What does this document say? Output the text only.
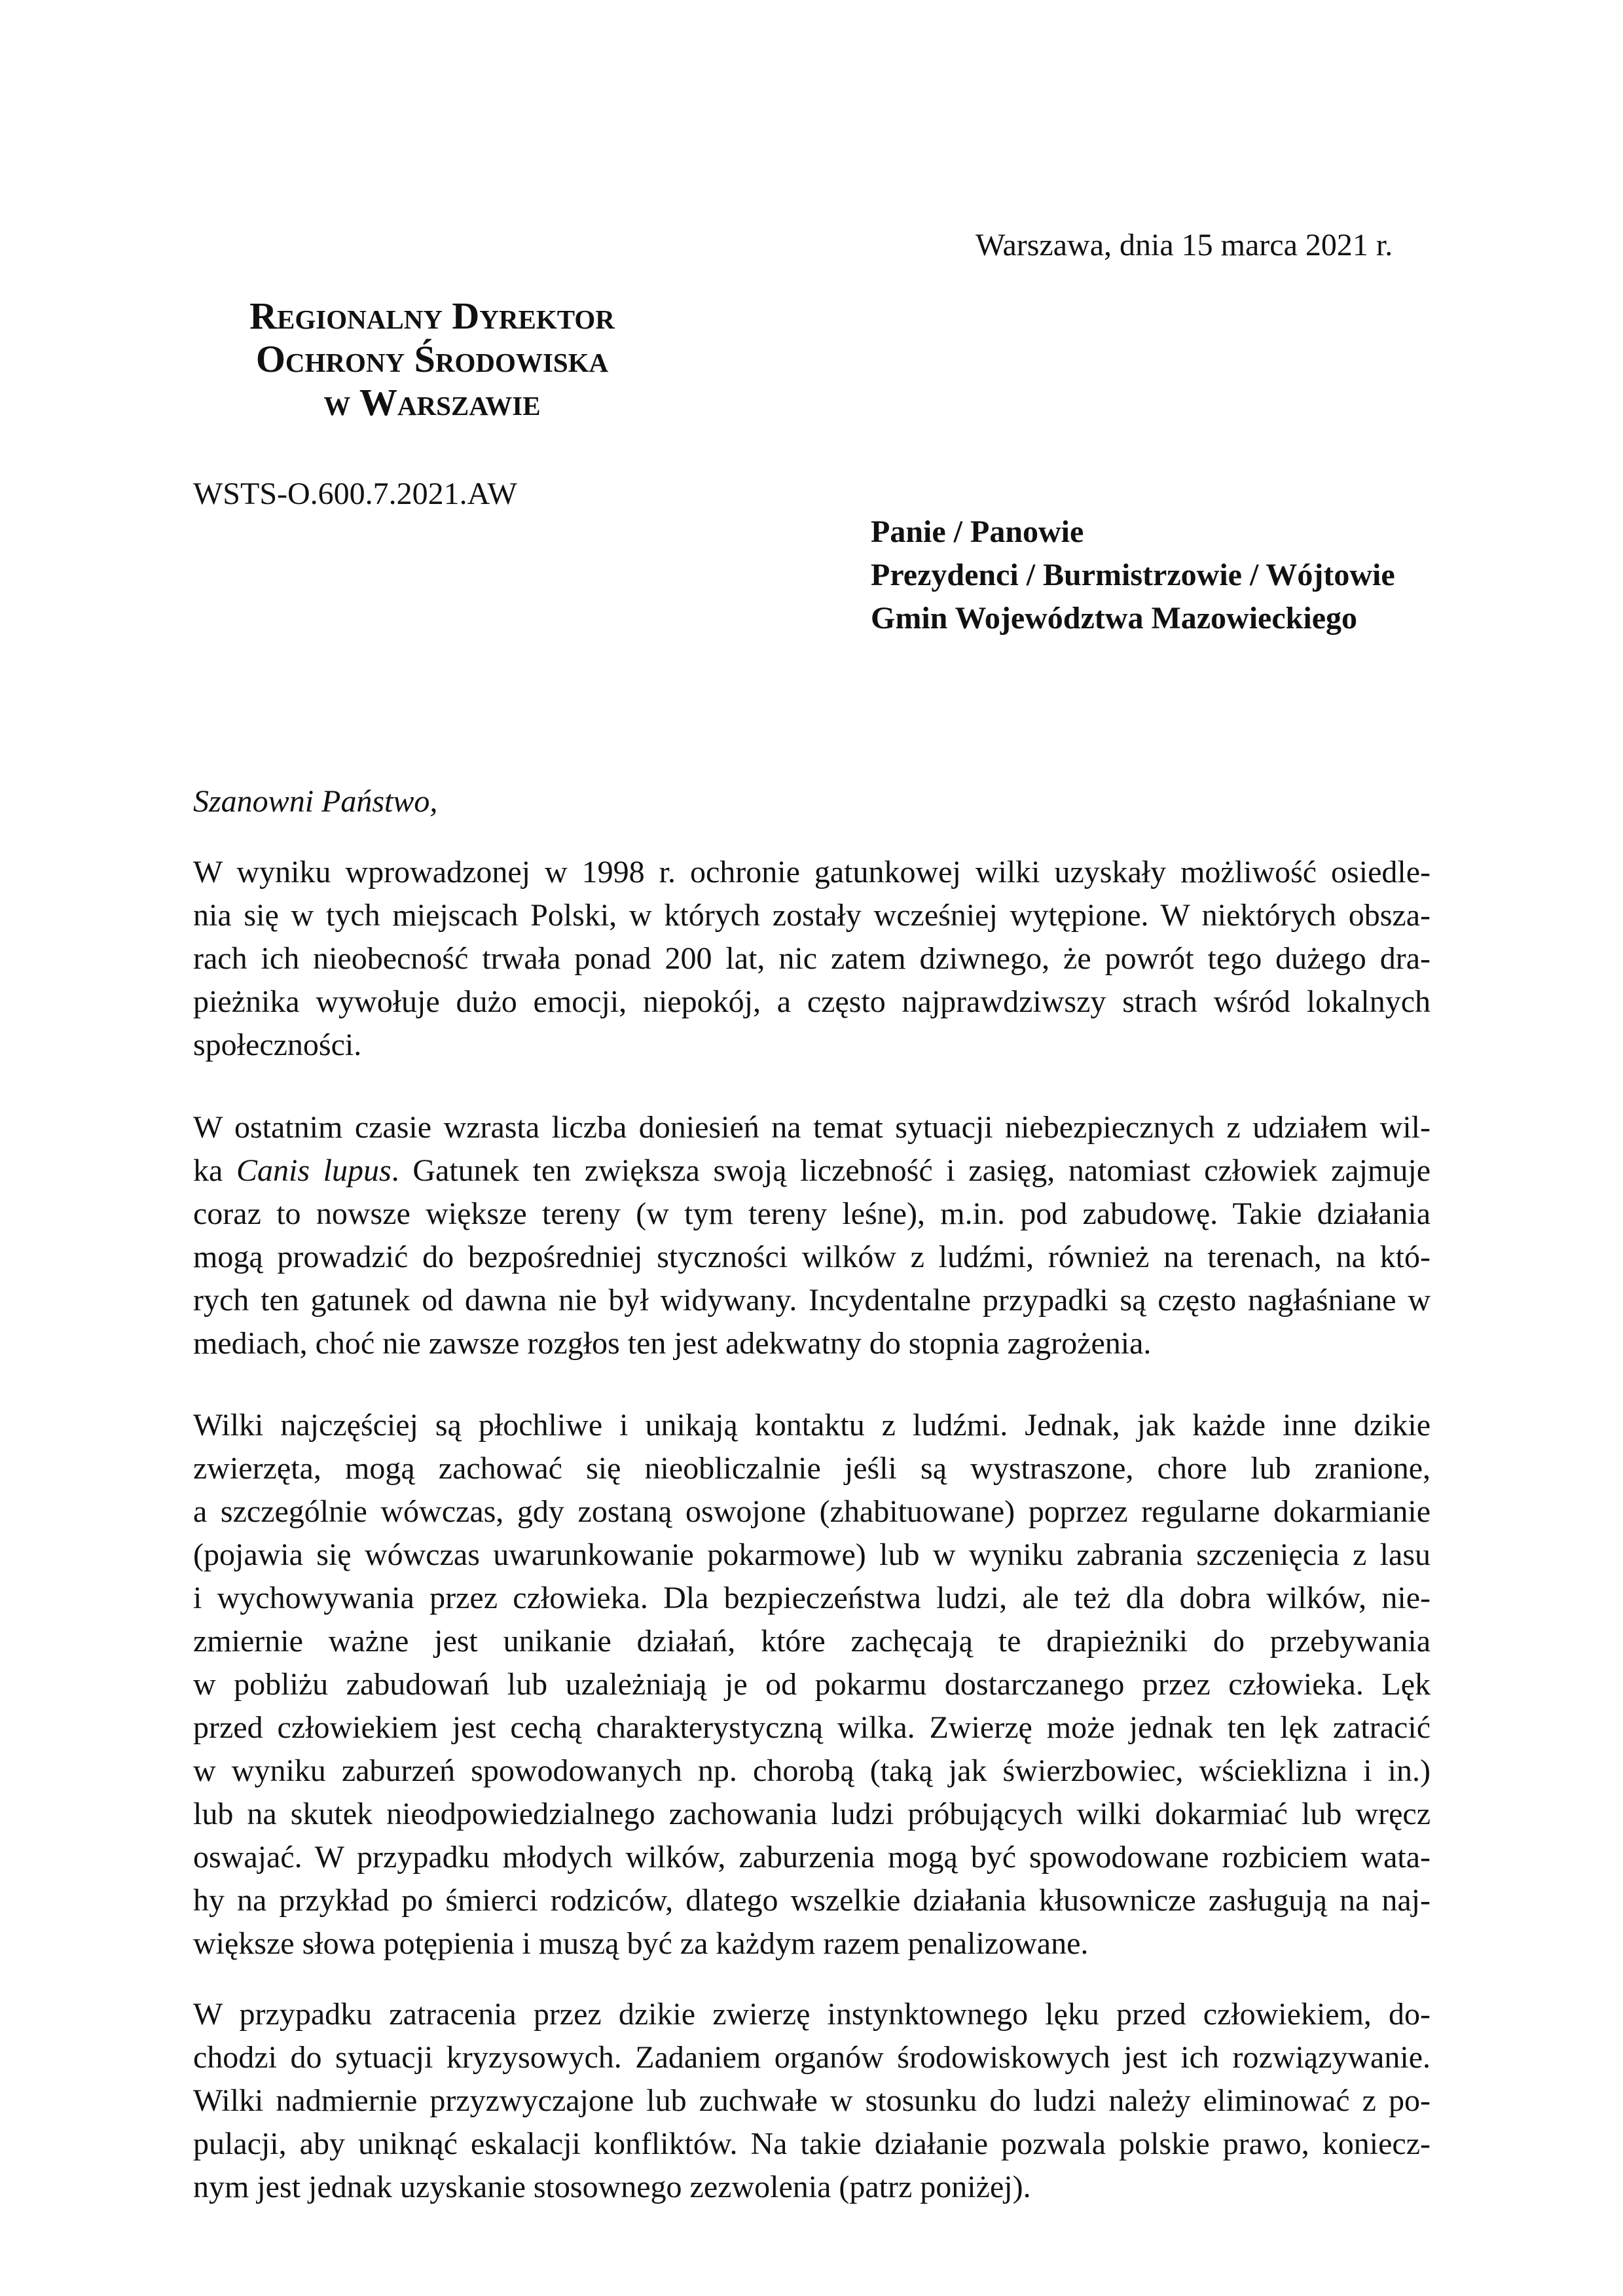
Warszawa, dnia 15 marca 2021 r.
Regionalny Dyrektor
Ochrony Środowiska
w Warszawie
WSTS-O.600.7.2021.AW
Panie / Panowie
Prezydenci / Burmistrzowie / Wójtowie
Gmin Województwa Mazowieckiego
Szanowni Państwo,
W wyniku wprowadzonej w 1998 r. ochronie gatunkowej wilki uzyskały możliwość osiedle-
nia się w tych miejscach Polski, w których zostały wcześniej wytępione. W niektórych obsza-
rach ich nieobecność trwała ponad 200 lat, nic zatem dziwnego, że powrót tego dużego dra-
pieżnika wywołuje dużo emocji, niepokój, a często najprawdziwszy strach wśród lokalnych
społeczności.
W ostatnim czasie wzrasta liczba doniesień na temat sytuacji niebezpiecznych z udziałem wil-
ka Canis lupus. Gatunek ten zwiększa swoją liczebność i zasięg, natomiast człowiek zajmuje
coraz to nowsze większe tereny (w tym tereny leśne), m.in. pod zabudowę. Takie działania
mogą prowadzić do bezpośredniej styczności wilków z ludźmi, również na terenach, na któ-
rych ten gatunek od dawna nie był widywany. Incydentalne przypadki są często nagłaśniane w
mediach, choć nie zawsze rozgłos ten jest adekwatny do stopnia zagrożenia.
Wilki najczęściej są płochliwe i unikają kontaktu z ludźmi. Jednak, jak każde inne dzikie
zwierzęta, mogą zachować się nieobliczalnie jeśli są wystraszone, chore lub zranione,
a szczególnie wówczas, gdy zostaną oswojone (zhabituowane) poprzez regularne dokarmianie
(pojawia się wówczas uwarunkowanie pokarmowe) lub w wyniku zabrania szczenięcia z lasu
i wychowywania przez człowieka. Dla bezpieczeństwa ludzi, ale też dla dobra wilków, nie-
zmiernie ważne jest unikanie działań, które zachęcają te drapieżniki do przebywania
w pobliżu zabudowań lub uzależniają je od pokarmu dostarczanego przez człowieka. Lęk
przed człowiekiem jest cechą charakterystyczną wilka. Zwierzę może jednak ten lęk zatracić
w wyniku zaburzeń spowodowanych np. chorobą (taką jak świerzbowiec, wścieklizna i in.)
lub na skutek nieodpowiedzialnego zachowania ludzi próbujących wilki dokarmiać lub wręcz
oswajać. W przypadku młodych wilków, zaburzenia mogą być spowodowane rozbiciem wata-
hy na przykład po śmierci rodziców, dlatego wszelkie działania kłusownicze zasługują na naj-
większe słowa potępienia i muszą być za każdym razem penalizowane.
W przypadku zatracenia przez dzikie zwierzę instynktownego lęku przed człowiekiem, do-
chodzi do sytuacji kryzysowych. Zadaniem organów środowiskowych jest ich rozwiązywanie.
Wilki nadmiernie przyzwyczajone lub zuchwałe w stosunku do ludzi należy eliminować z po-
pulacji, aby uniknąć eskalacji konfliktów. Na takie działanie pozwala polskie prawo, koniecz-
nym jest jednak uzyskanie stosownego zezwolenia (patrz poniżej).
